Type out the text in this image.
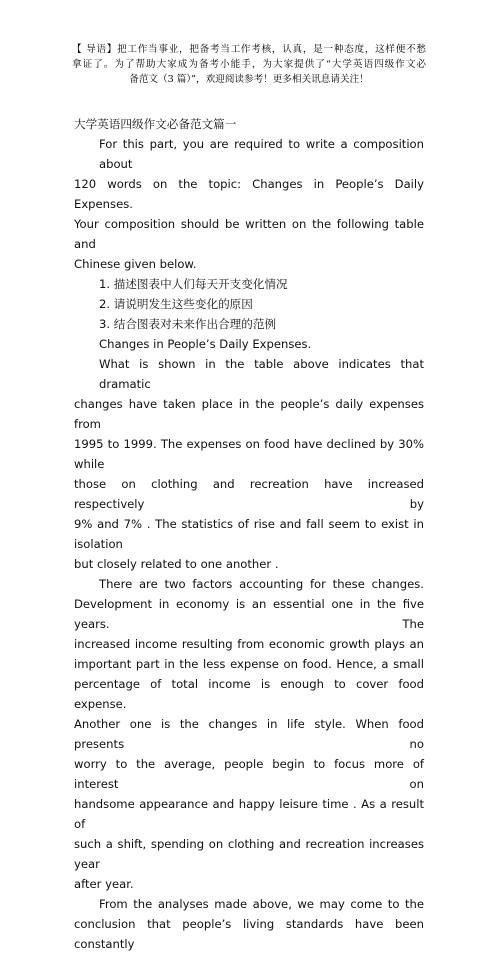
【 导语】把工作当事业，把备考当工作考核，认真，是一种态度，这样便不愁
拿证了。为了帮助大家成为备考小能手，为大家提供了“大学英语四级作文必
备范文（3 篇）”，欢迎阅读参考！更多相关讯息请关注！
大学英语四级作文必备范文篇一
For this part, you are required to write a composition about
120 words on the topic: Changes in People’s Daily Expenses.
Your composition should be written on the following table and
Chinese given below.
1. 描述图表中人们每天开支变化情况
2. 请说明发生这些变化的原因
3. 结合图表对未来作出合理的范例
Changes in People’s Daily Expenses.
What is shown in the table above indicates that dramatic
changes have taken place in the people’s daily expenses from
1995 to 1999. The expenses on food have declined by 30% while
those on clothing and recreation have increased respectively by
9% and 7% . The statistics of rise and fall seem to exist in isolation
but closely related to one another .
There are two factors accounting for these changes.
Development in economy is an essential one in the five years. The
increased income resulting from economic growth plays an
important part in the less expense on food. Hence, a small
percentage of total income is enough to cover food expense.
Another one is the changes in life style. When food presents no
worry to the average, people begin to focus more of interest on
handsome appearance and happy leisure time . As a result of
such a shift, spending on clothing and recreation increases year
after year.
From the analyses made above, we may come to the
conclusion that people’s living standards have been constantly
